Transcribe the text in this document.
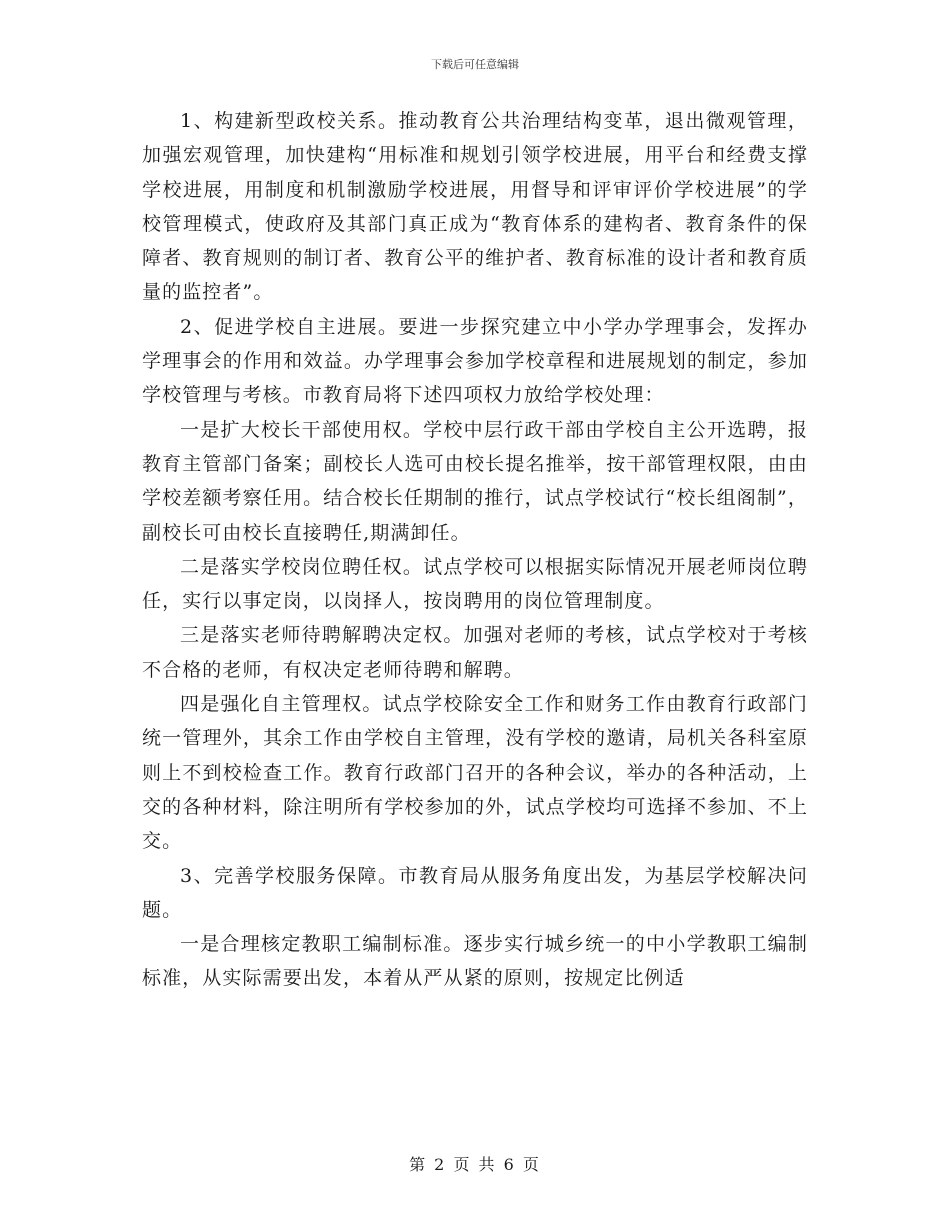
下载后可任意编辑

1、构建新型政校关系。推动教育公共治理结构变革，退出微观管理，加强宏观管理，加快建构“用标准和规划引领学校进展，用平台和经费支撑学校进展，用制度和机制激励学校进展，用督导和评审评价学校进展”的学校管理模式，使政府及其部门真正成为“教育体系的建构者、教育条件的保障者、教育规则的制订者、教育公平的维护者、教育标准的设计者和教育质量的监控者”。

2、促进学校自主进展。要进一步探究建立中小学办学理事会，发挥办学理事会的作用和效益。办学理事会参加学校章程和进展规划的制定，参加学校管理与考核。市教育局将下述四项权力放给学校处理：

一是扩大校长干部使用权。学校中层行政干部由学校自主公开选聘，报教育主管部门备案；副校长人选可由校长提名推举，按干部管理权限，由由学校差额考察任用。结合校长任期制的推行，试点学校试行“校长组阁制”，副校长可由校长直接聘任,期满卸任。

二是落实学校岗位聘任权。试点学校可以根据实际情况开展老师岗位聘任，实行以事定岗，以岗择人，按岗聘用的岗位管理制度。

三是落实老师待聘解聘决定权。加强对老师的考核，试点学校对于考核不合格的老师，有权决定老师待聘和解聘。

四是强化自主管理权。试点学校除安全工作和财务工作由教育行政部门统一管理外，其余工作由学校自主管理，没有学校的邀请，局机关各科室原则上不到校检查工作。教育行政部门召开的各种会议，举办的各种活动，上交的各种材料，除注明所有学校参加的外，试点学校均可选择不参加、不上交。

3、完善学校服务保障。市教育局从服务角度出发，为基层学校解决问题。

一是合理核定教职工编制标准。逐步实行城乡统一的中小学教职工编制标准，从实际需要出发，本着从严从紧的原则，按规定比例适

第 2 页 共 6 页
